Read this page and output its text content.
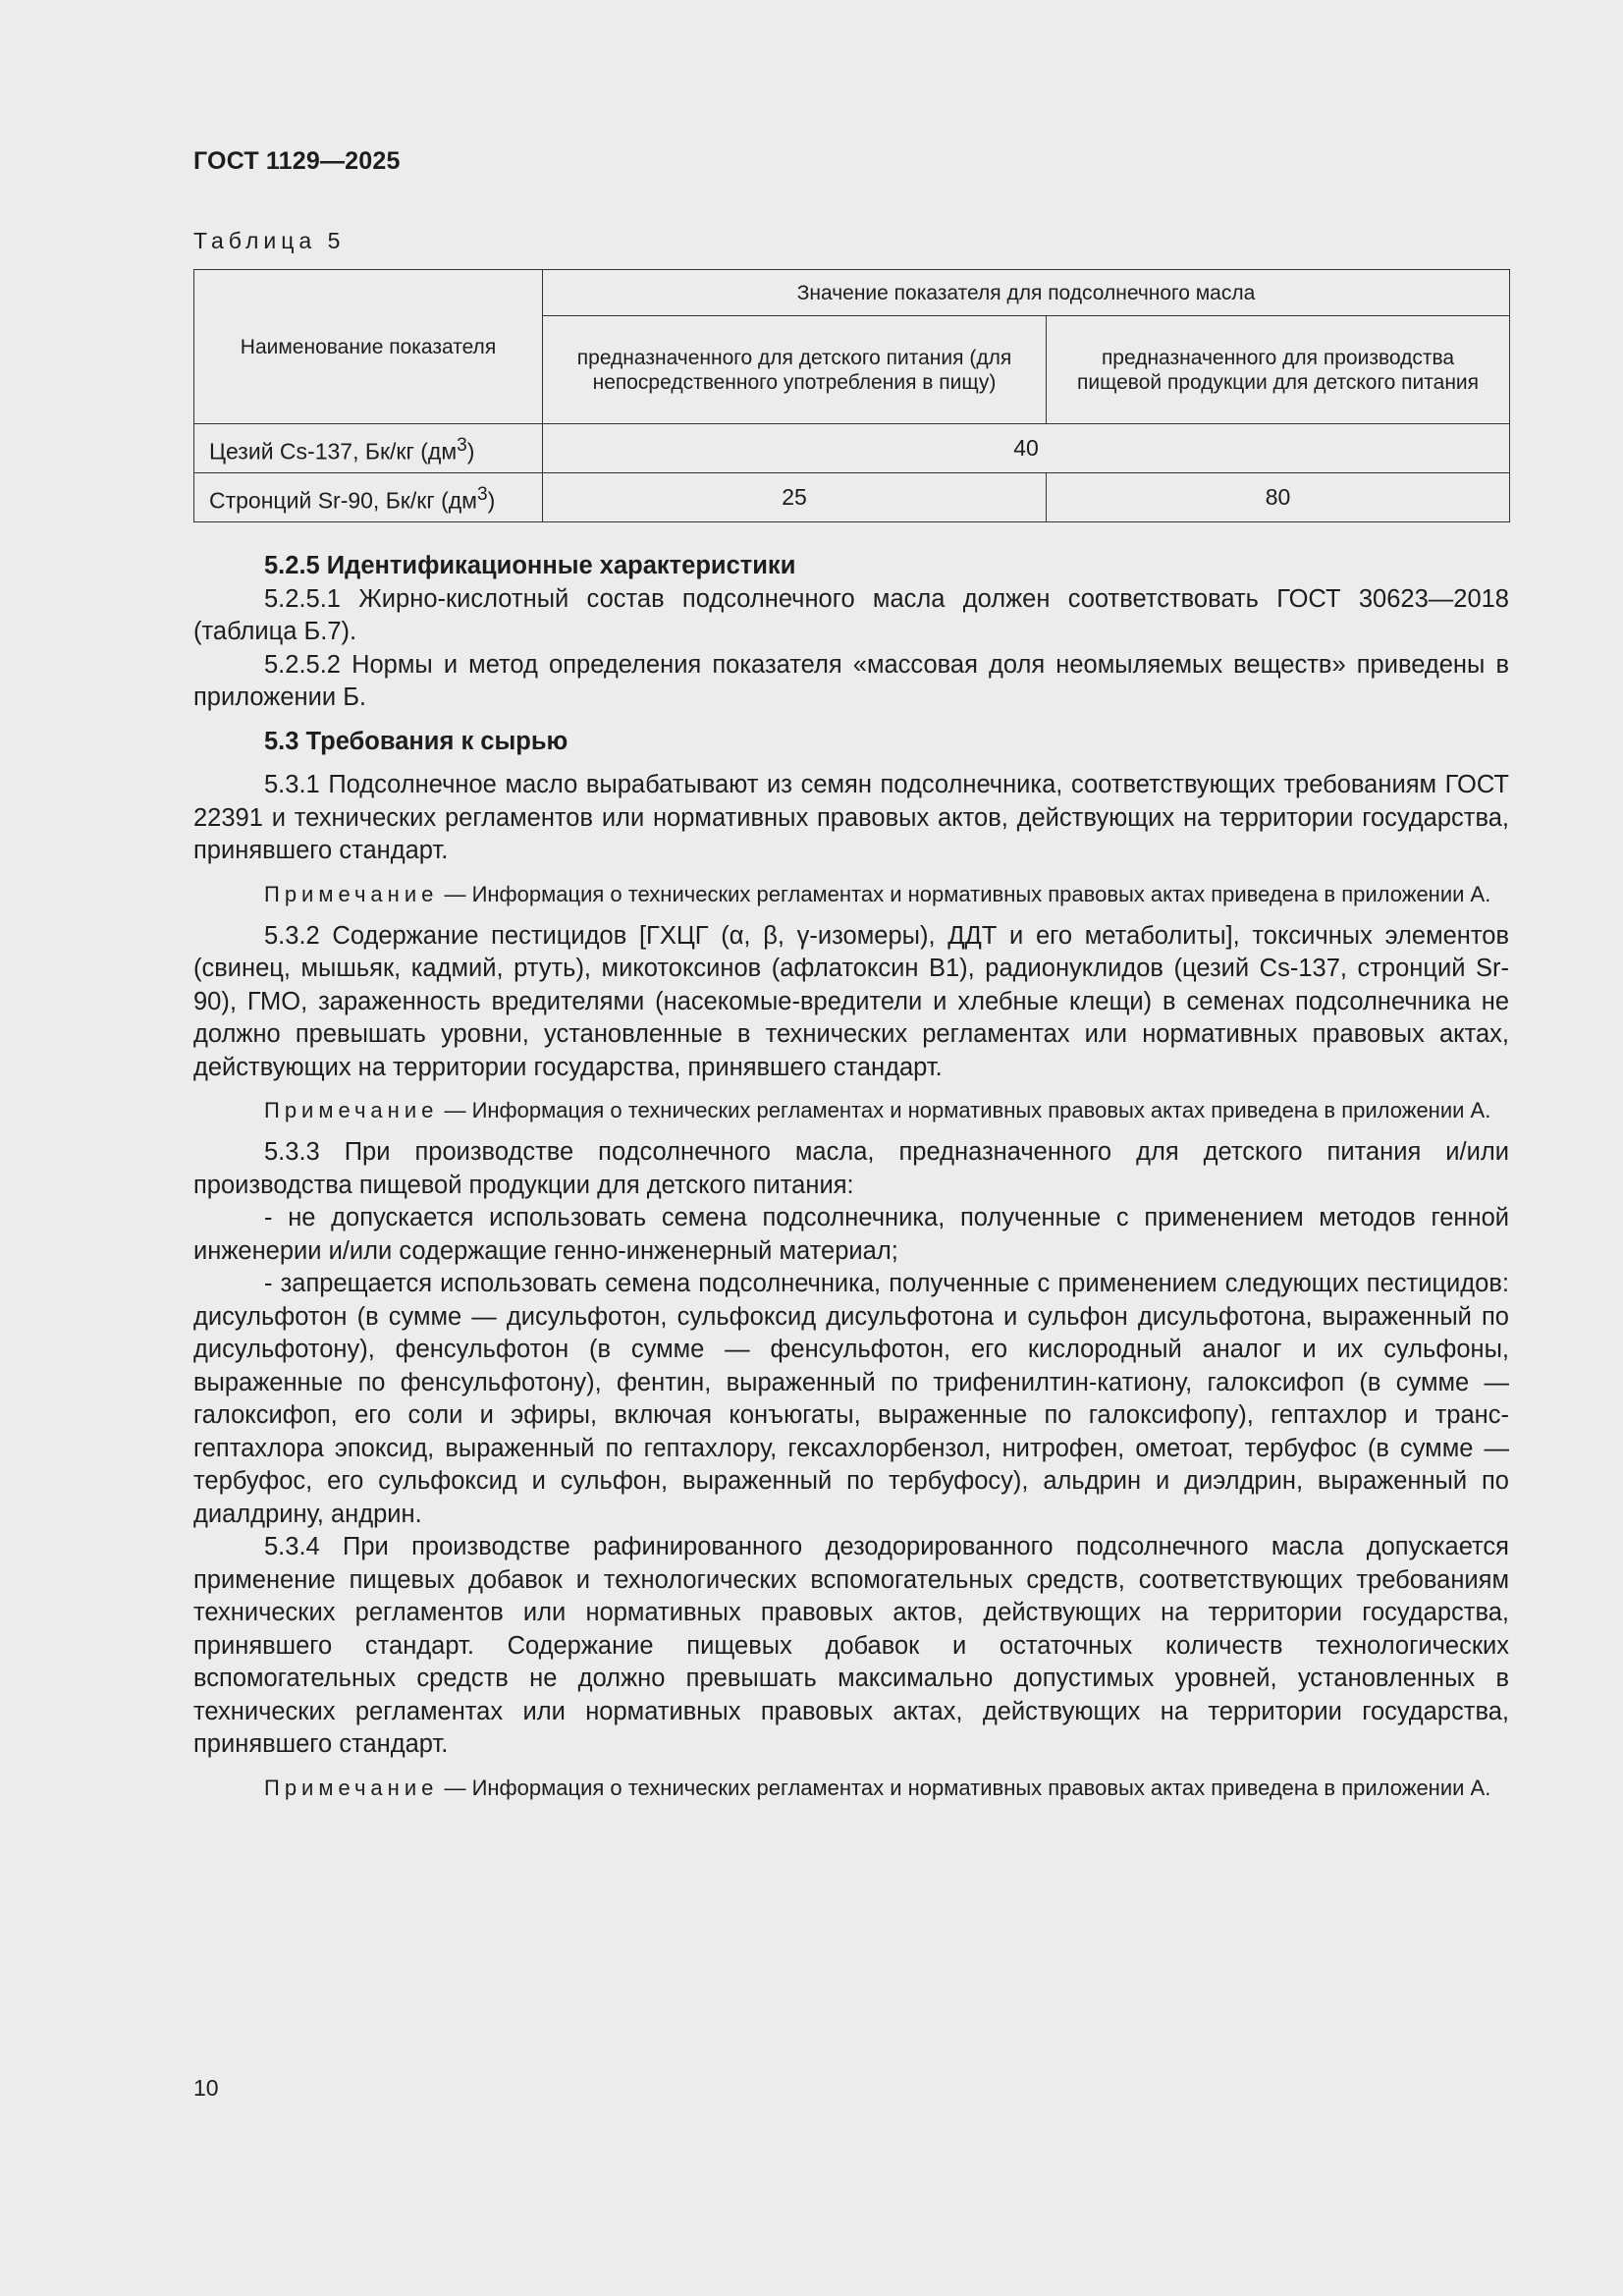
ГОСТ 1129—2025
Таблица 5
Наименование показателя	Значение показателя для подсолнечного масла	
	предназначенного для детского питания (для непосредственного употребления в пищу)	предназначенного для производства пищевой продукции для детского питания
Цезий Cs-137, Бк/кг $(дм^3)$	40	
Стронций Sr-90, Бк/кг $(дм^3)$	25	80

5.2.5 Идентификационные характеристики

5.2.5.1 Жирно-кислотный состав подсолнечного масла должен соответствовать ГОСТ 30623—2018 (таблица Б.7).

5.2.5.2 Нормы и метод определения показателя «массовая доля неомыляемых веществ» приведены в приложении Б.

5.3 Требования к сырью

5.3.1 Подсолнечное масло вырабатывают из семян подсолнечника, соответствующих требованиям ГОСТ 22391 и технических регламентов или нормативных правовых актов, действующих на территории государства, принявшего стандарт.

Примечание — Информация о технических регламентах и нормативных правовых актах приведена в приложении А.

5.3.2 Содержание пестицидов [ГХЦГ (α, β, γ-изомеры), ДДТ и его метаболиты], токсичных элементов (свинец, мышьяк, кадмий, ртуть), микотоксинов (афлатоксин В1), радионуклидов (цезий Cs-137, стронций Sr-90), ГМО, зараженность вредителями (насекомые-вредители и хлебные клещи) в семенах подсолнечника не должно превышать уровни, установленные в технических регламентах или нормативных правовых актах, действующих на территории государства, принявшего стандарт.

Примечание — Информация о технических регламентах и нормативных правовых актах приведена в приложении А.

5.3.3 При производстве подсолнечного масла, предназначенного для детского питания и/или производства пищевой продукции для детского питания:

- не допускается использовать семена подсолнечника, полученные с применением методов генной инженерии и/или содержащие генно-инженерный материал;

- запрещается использовать семена подсолнечника, полученные с применением следующих пестицидов: дисульфотон (в сумме — дисульфотон, сульфоксид дисульфотона и сульфон дисульфотона, выраженный по дисульфотону), фенсульфотон (в сумме — фенсульфотон, его кислородный аналог и их сульфоны, выраженные по фенсульфотону), фентин, выраженный по трифенилтин-катиону, галоксифоп (в сумме — галоксифоп, его соли и эфиры, включая конъюгаты, выраженные по галоксифопу), гептахлор и транс-гептахлора эпоксид, выраженный по гептахлору, гексахлорбензол, нитрофен, ометоат, тербуфос (в сумме — тербуфос, его сульфоксид и сульфон, выраженный по тербуфосу), альдрин и диэлдрин, выраженный по диалдрину, андрин.

5.3.4 При производстве рафинированного дезодорированного подсолнечного масла допускается применение пищевых добавок и технологических вспомогательных средств, соответствующих требованиям технических регламентов или нормативных правовых актов, действующих на территории государства, принявшего стандарт. Содержание пищевых добавок и остаточных количеств технологических вспомогательных средств не должно превышать максимально допустимых уровней, установленных в технических регламентах или нормативных правовых актах, действующих на территории государства, принявшего стандарт.

Примечание — Информация о технических регламентах и нормативных правовых актах приведена в приложении А.

10
